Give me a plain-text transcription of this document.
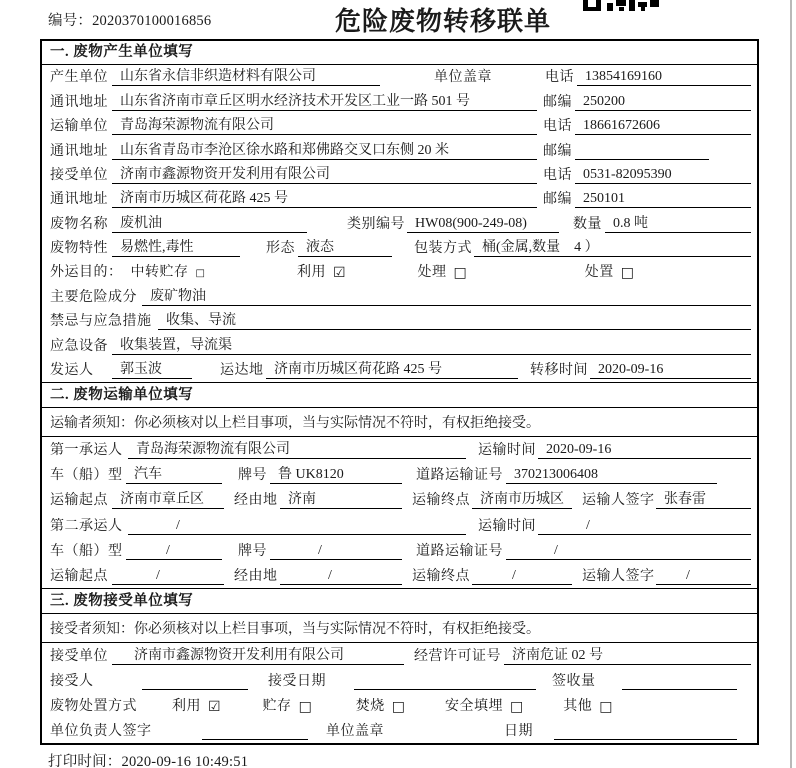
编号：2020370100016856	危险废物转移联单
一. 废物产生单位填写
产生单位 山东省永信非织造材料有限公司	单位盖章	电话 13854169160
通讯地址 山东省济南市章丘区明水经济技术开发区工业一路 501 号	邮编 250200
运输单位 青岛海荣源物流有限公司	电话 18661672606
通讯地址 山东省青岛市李沧区徐水路和郑佛路交叉口东侧 20 米	邮编
接受单位 济南市鑫源物资开发利用有限公司	电话 0531-82095390
通讯地址 济南市历城区荷花路 425 号	邮编 250101
废物名称 废机油	类别编号 HW08(900-249-08)	数量 0.8 吨
废物特性 易燃性,毒性	形态 液态	包装方式 桶(金属,数量　4 ）
外运目的： 中转贮存 □	利用 ☑	处理 □	处置 □
主要危险成分 废矿物油
禁忌与应急措施	收集、导流
应急设备 收集装置，导流渠
发运人	郭玉波	运达地 济南市历城区荷花路 425 号	转移时间 2020-09-16
二. 废物运输单位填写
运输者须知：你必须核对以上栏目事项，当与实际情况不符时，有权拒绝接受。
第一承运人 青岛海荣源物流有限公司	运输时间 2020-09-16
车（船）型 汽车	牌号 鲁 UK8120	道路运输证号 370213006408
运输起点 济南市章丘区	经由地 济南	运输终点 济南市历城区	运输人签字 张春雷
第二承运人	/	运输时间	/
车（船）型	/	牌号	/	道路运输证号	/
运输起点	/	经由地	/	运输终点	/	运输人签字	/
三. 废物接受单位填写
接受者须知：你必须核对以上栏目事项，当与实际情况不符时，有权拒绝接受。
接受单位	济南市鑫源物资开发利用有限公司	经营许可证号 济南危证 02 号
接受人	接受日期	签收量
废物处置方式	利用 ☑	贮存 □	焚烧 □	安全填埋 □	其他 □
单位负责人签字	单位盖章	日期
打印时间：2020-09-16 10:49:51
